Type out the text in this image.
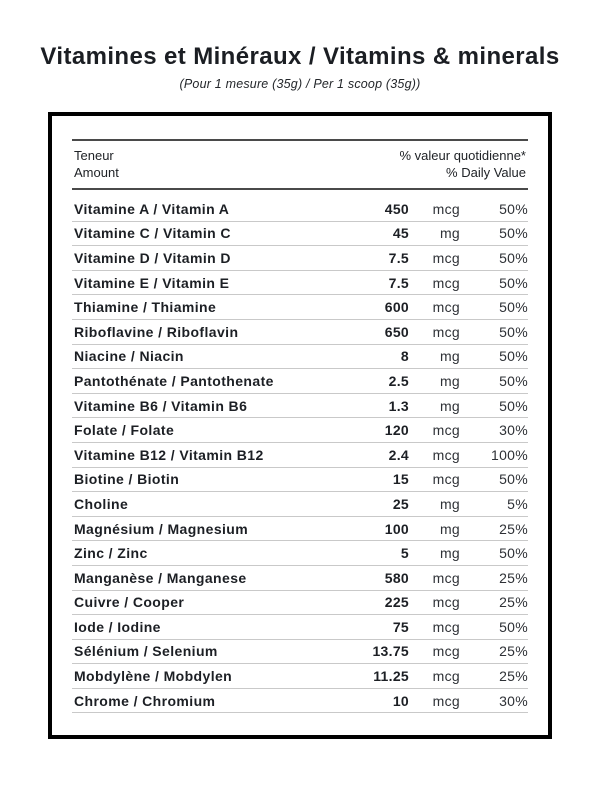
Vitamines et Minéraux / Vitamins & minerals
(Pour 1 mesure (35g) / Per 1 scoop (35g))
Teneur
Amount
% valeur quotidienne*
% Daily Value
Vitamine A / Vitamin A	450	mcg	50%
Vitamine C / Vitamin C	45	mg	50%
Vitamine D / Vitamin D	7.5	mcg	50%
Vitamine E / Vitamin E	7.5	mcg	50%
Thiamine / Thiamine	600	mcg	50%
Riboflavine / Riboflavin	650	mcg	50%
Niacine / Niacin	8	mg	50%
Pantothénate / Pantothenate	2.5	mg	50%
Vitamine B6 / Vitamin B6	1.3	mg	50%
Folate / Folate	120	mcg	30%
Vitamine B12 / Vitamin B12	2.4	mcg	100%
Biotine / Biotin	15	mcg	50%
Choline	25	mg	5%
Magnésium / Magnesium	100	mg	25%
Zinc / Zinc	5	mg	50%
Manganèse / Manganese	580	mcg	25%
Cuivre / Cooper	225	mcg	25%
Iode / Iodine	75	mcg	50%
Sélénium / Selenium	13.75	mcg	25%
Mobdylène / Mobdylen	11.25	mcg	25%
Chrome / Chromium	10	mcg	30%
